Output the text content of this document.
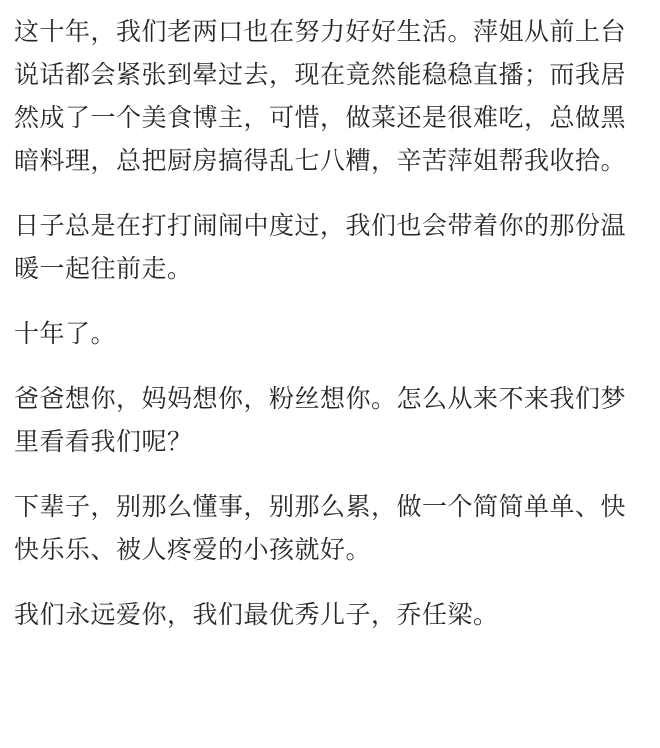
这十年，我们老两口也在努力好好生活。萍姐从前上台说话都会紧张到晕过去，现在竟然能稳稳直播；而我居然成了一个美食博主，可惜，做菜还是很难吃，总做黑暗料理，总把厨房搞得乱七八糟，辛苦萍姐帮我收拾。

日子总是在打打闹闹中度过，我们也会带着你的那份温暖一起往前走。

十年了。

爸爸想你，妈妈想你，粉丝想你。怎么从来不来我们梦里看看我们呢？

下辈子，别那么懂事，别那么累，做一个简简单单、快快乐乐、被人疼爱的小孩就好。

我们永远爱你，我们最优秀儿子，乔任梁。
